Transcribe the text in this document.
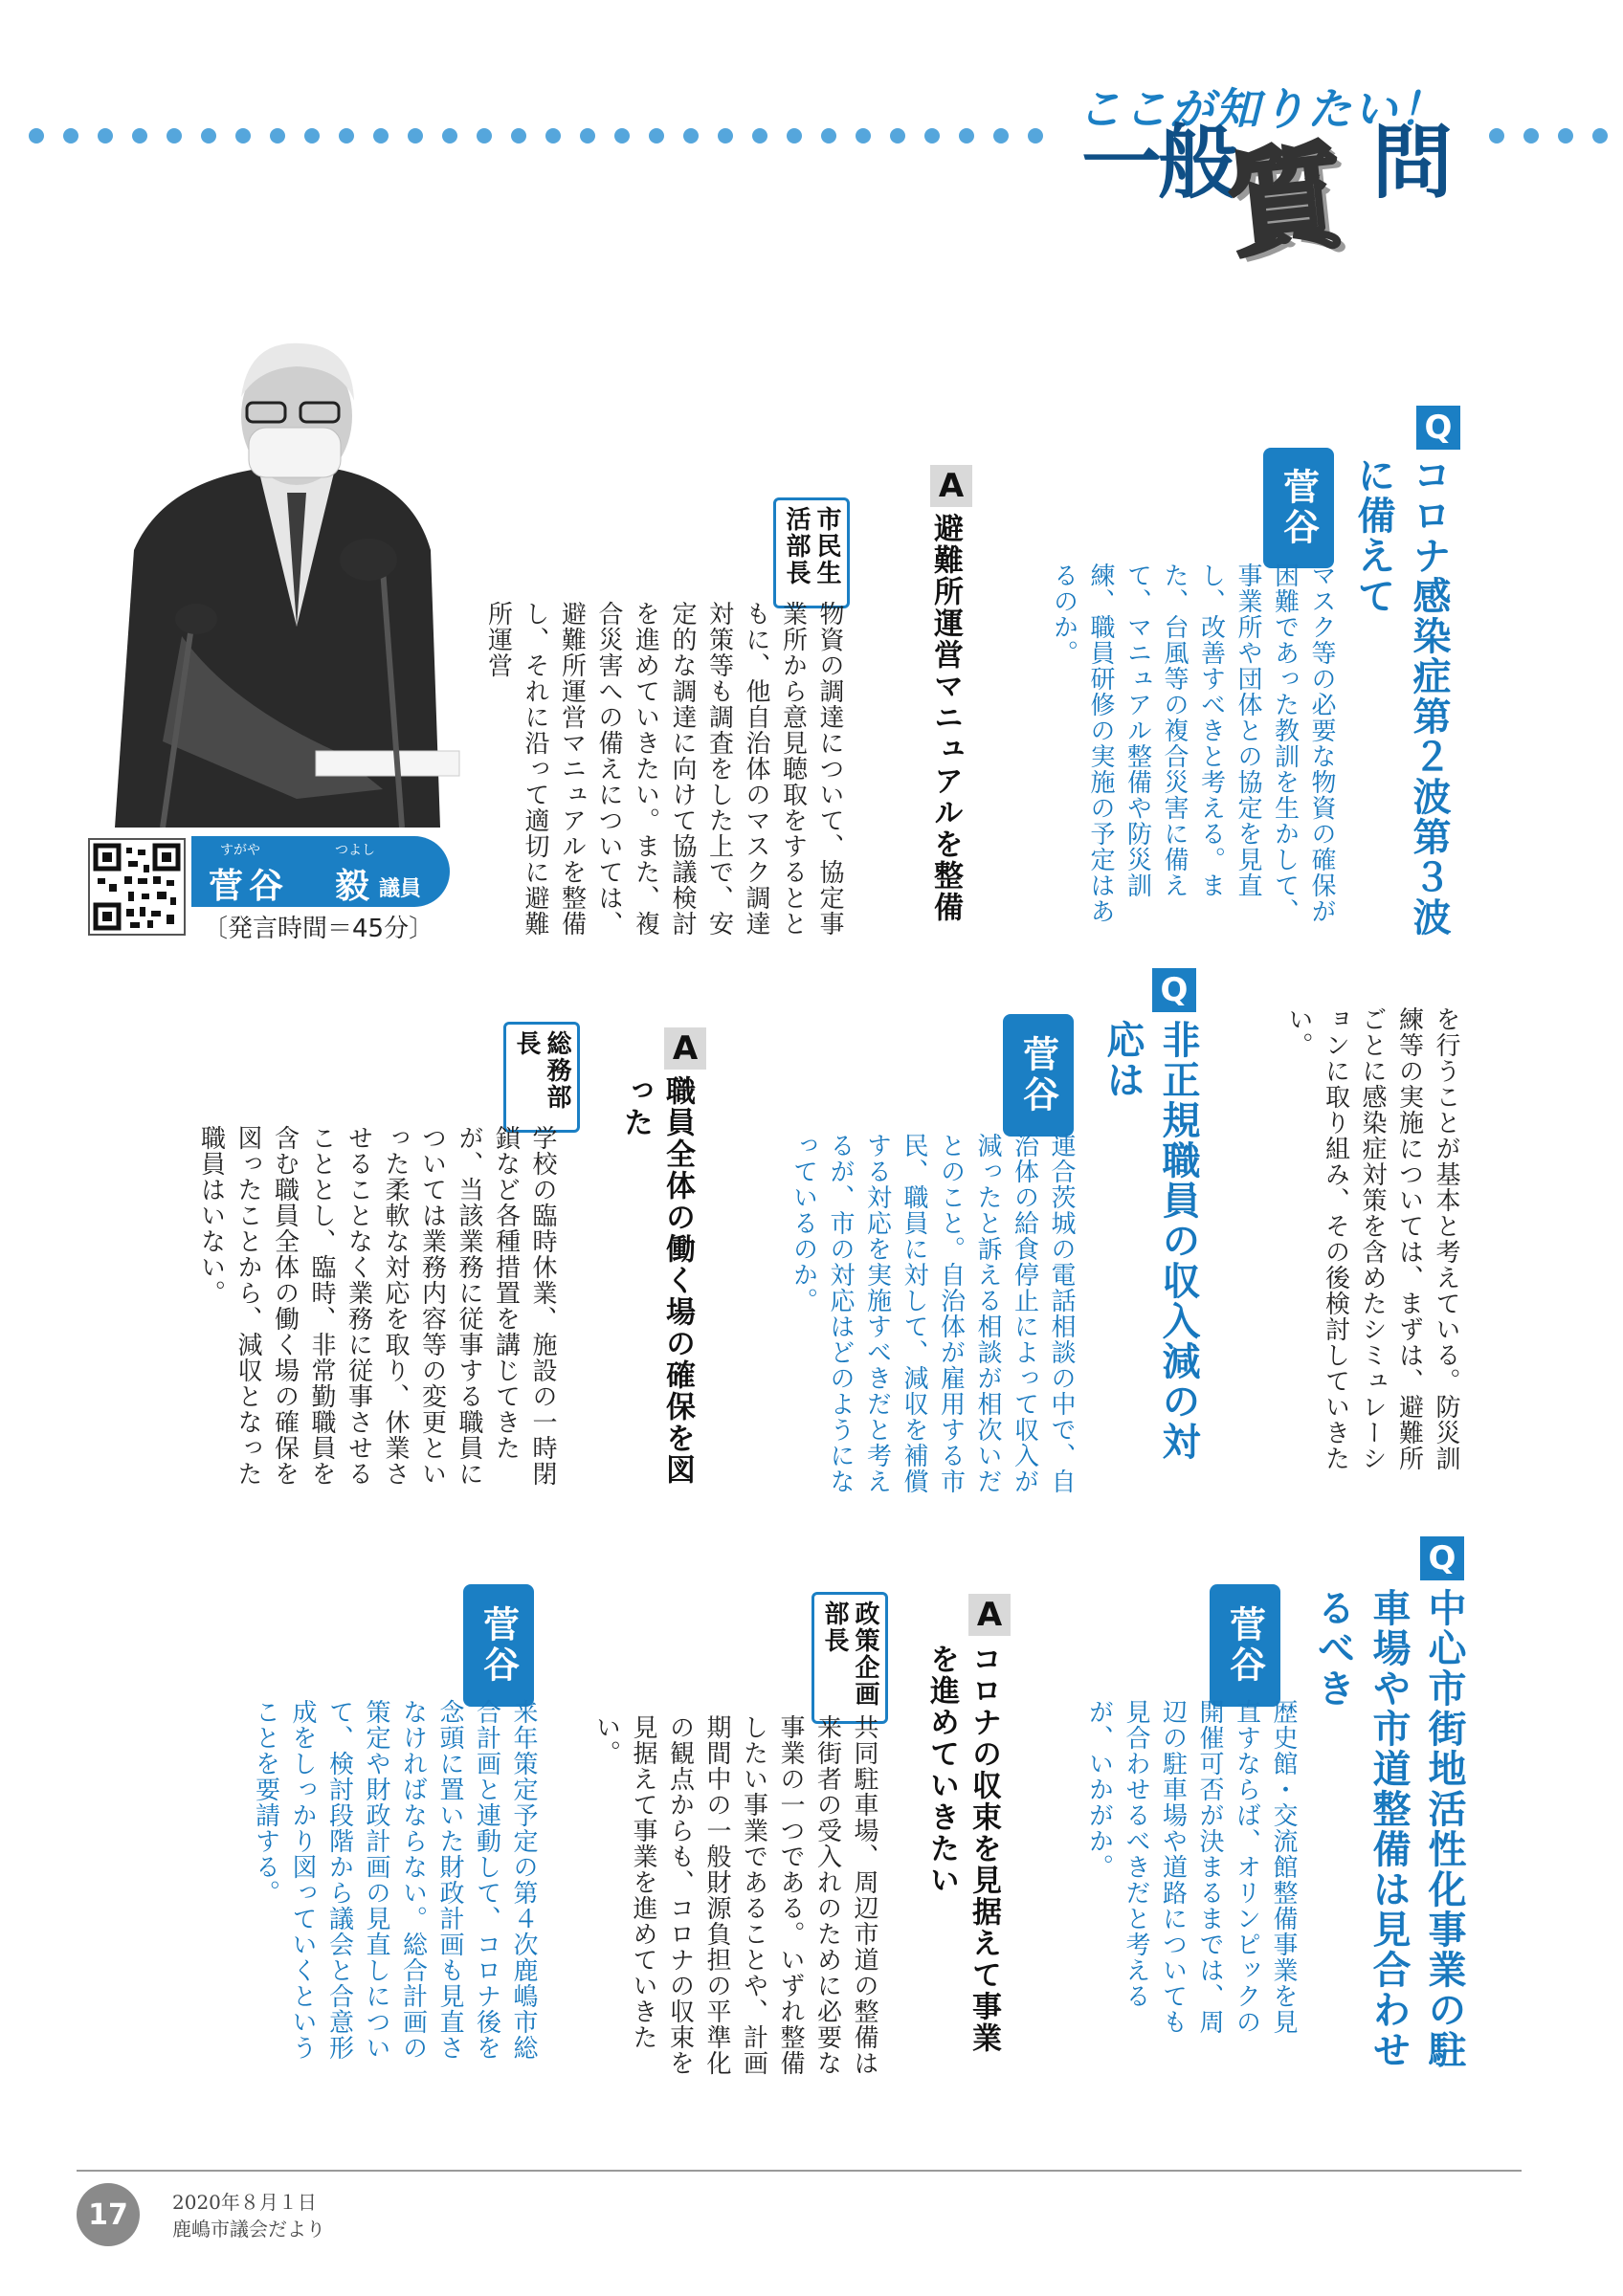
ここが知りたい！
一
般
質 問
すがや	つよし
菅谷 毅 議員
〔発言時間＝45分〕
Q
コロナ感染症第２波第３波に備えて
菅谷
マスク等の必要な物資の確保が困難であった教訓を生かして、事業所や団体との協定を見直し、改善すべきと考える。また、台風等の複合災害に備えて、マニュアル整備や防災訓練、職員研修の実施の予定はあるのか。
A
避難所運営マニュアルを整備
市民生活部長
物資の調達について、協定事業所から意見聴取をするとともに、他自治体のマスク調達対策等も調査をした上で、安定的な調達に向けて協議検討を進めていきたい。また、複合災害への備えについては、避難所運営マニュアルを整備し、それに沿って適切に避難所運営
を行うことが基本と考えている。防災訓練等の実施については、まずは、避難所ごとに感染症対策を含めたシミュレーションに取り組み、その後検討していきたい。
Q
非正規職員の収入減の対応は
菅谷
連合茨城の電話相談の中で、自治体の給食停止によって収入が減ったと訴える相談が相次いだとのこと。自治体が雇用する市民、職員に対して、減収を補償する対応を実施すべきだと考えるが、市の対応はどのようになっているのか。
A
職員全体の働く場の確保を図った
総務部長
学校の臨時休業、施設の一時閉鎖など各種措置を講じてきたが、当該業務に従事する職員については業務内容等の変更といった柔軟な対応を取り、休業させることなく業務に従事させることとし、臨時、非常勤職員を含む職員全体の働く場の確保を図ったことから、減収となった職員はいない。
Q
中心市街地活性化事業の駐車場や市道整備は見合わせるべき
菅谷
歴史館・交流館整備事業を見直すならば、オリンピックの開催可否が決まるまでは、周辺の駐車場や道路についても見合わせるべきだと考えるが、いかがか。
A
コロナの収束を見据えて事業を進めていきたい
政策企画部長
共同駐車場、周辺市道の整備は来街者の受入れのために必要な事業の一つである。いずれ整備したい事業であることや、計画期間中の一般財源負担の平準化の観点からも、コロナの収束を見据えて事業を進めていきたい。
菅谷
来年策定予定の第４次鹿嶋市総合計画と連動して、コロナ後を念頭に置いた財政計画も見直さなければならない。総合計画の策定や財政計画の見直しについて、検討段階から議会と合意形成をしっかり図っていくということを要請する。
17	2020年８月１日
鹿嶋市議会だより
